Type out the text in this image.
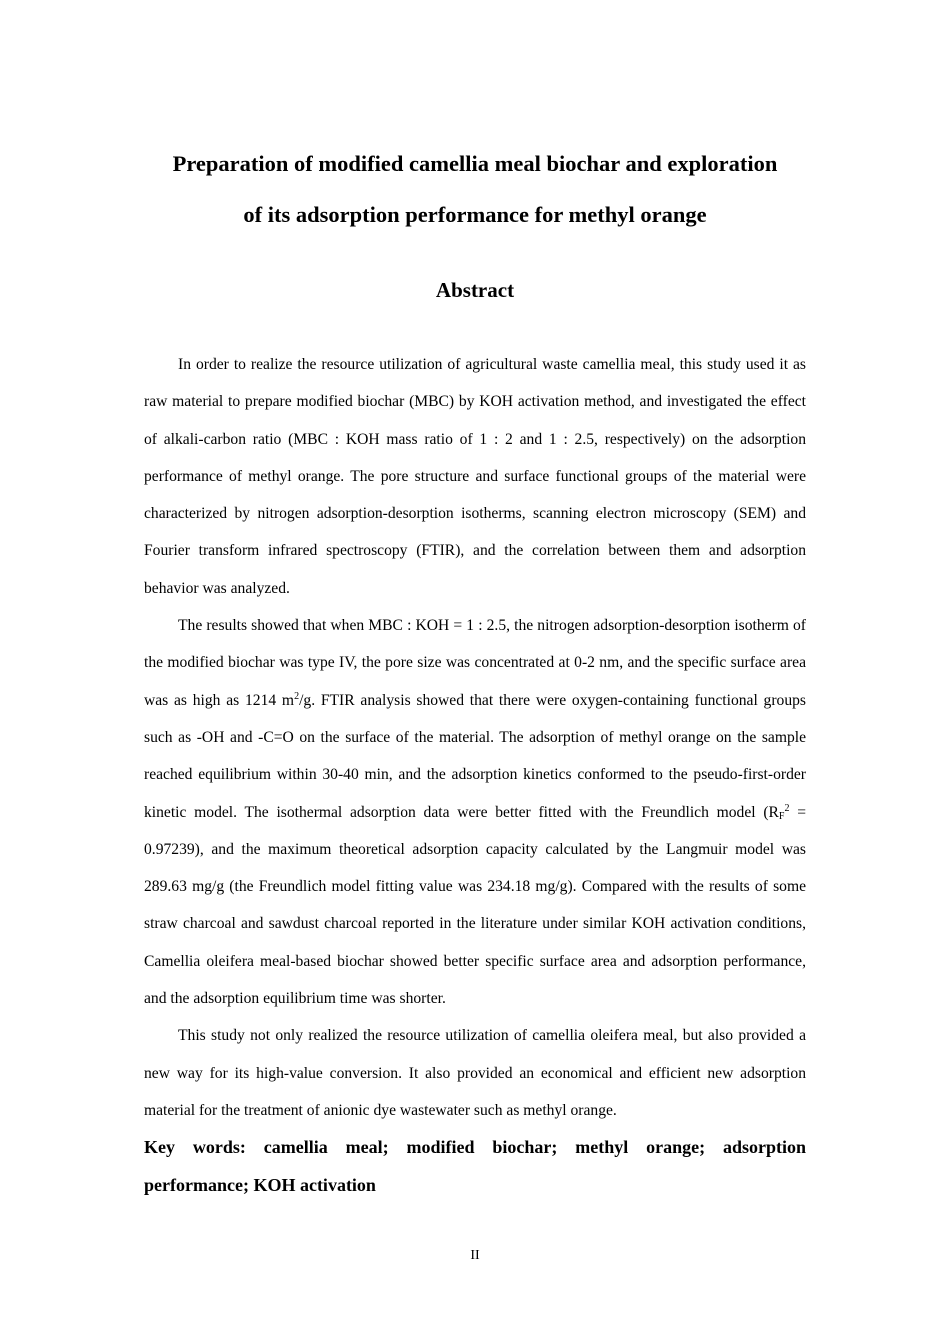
Preparation of modified camellia meal biochar and exploration
of its adsorption performance for methyl orange
Abstract

In order to realize the resource utilization of agricultural waste camellia meal, this study used it as raw material to prepare modified biochar (MBC) by KOH activation method, and investigated the effect of alkali-carbon ratio (MBC : KOH mass ratio of 1 : 2 and 1 : 2.5, respectively) on the adsorption performance of methyl orange. The pore structure and surface functional groups of the material were characterized by nitrogen adsorption-desorption isotherms, scanning electron microscopy (SEM) and Fourier transform infrared spectroscopy (FTIR), and the correlation between them and adsorption behavior was analyzed.

The results showed that when MBC : KOH = 1 : 2.5, the nitrogen adsorption-desorption isotherm of the modified biochar was type IV, the pore size was concentrated at 0-2 nm, and the specific surface area was as high as 1214 $m^2/g$. FTIR analysis showed that there were oxygen-containing functional groups such as -OH and -C=O on the surface of the material. The adsorption of methyl orange on the sample reached equilibrium within 30-40 min, and the adsorption kinetics conformed to the pseudo-first-order kinetic model. The isothermal adsorption data were better fitted with the Freundlich model $(R_F^2 = 0.97239)$, and the maximum theoretical adsorption capacity calculated by the Langmuir model was 289.63 mg/g (the Freundlich model fitting value was 234.18 mg/g). Compared with the results of some straw charcoal and sawdust charcoal reported in the literature under similar KOH activation conditions, Camellia oleifera meal-based biochar showed better specific surface area and adsorption performance, and the adsorption equilibrium time was shorter.

This study not only realized the resource utilization of camellia oleifera meal, but also provided a new way for its high-value conversion. It also provided an economical and efficient new adsorption material for the treatment of anionic dye wastewater such as methyl orange.

Key words: camellia meal; modified biochar; methyl orange; adsorption performance; KOH activation

II
